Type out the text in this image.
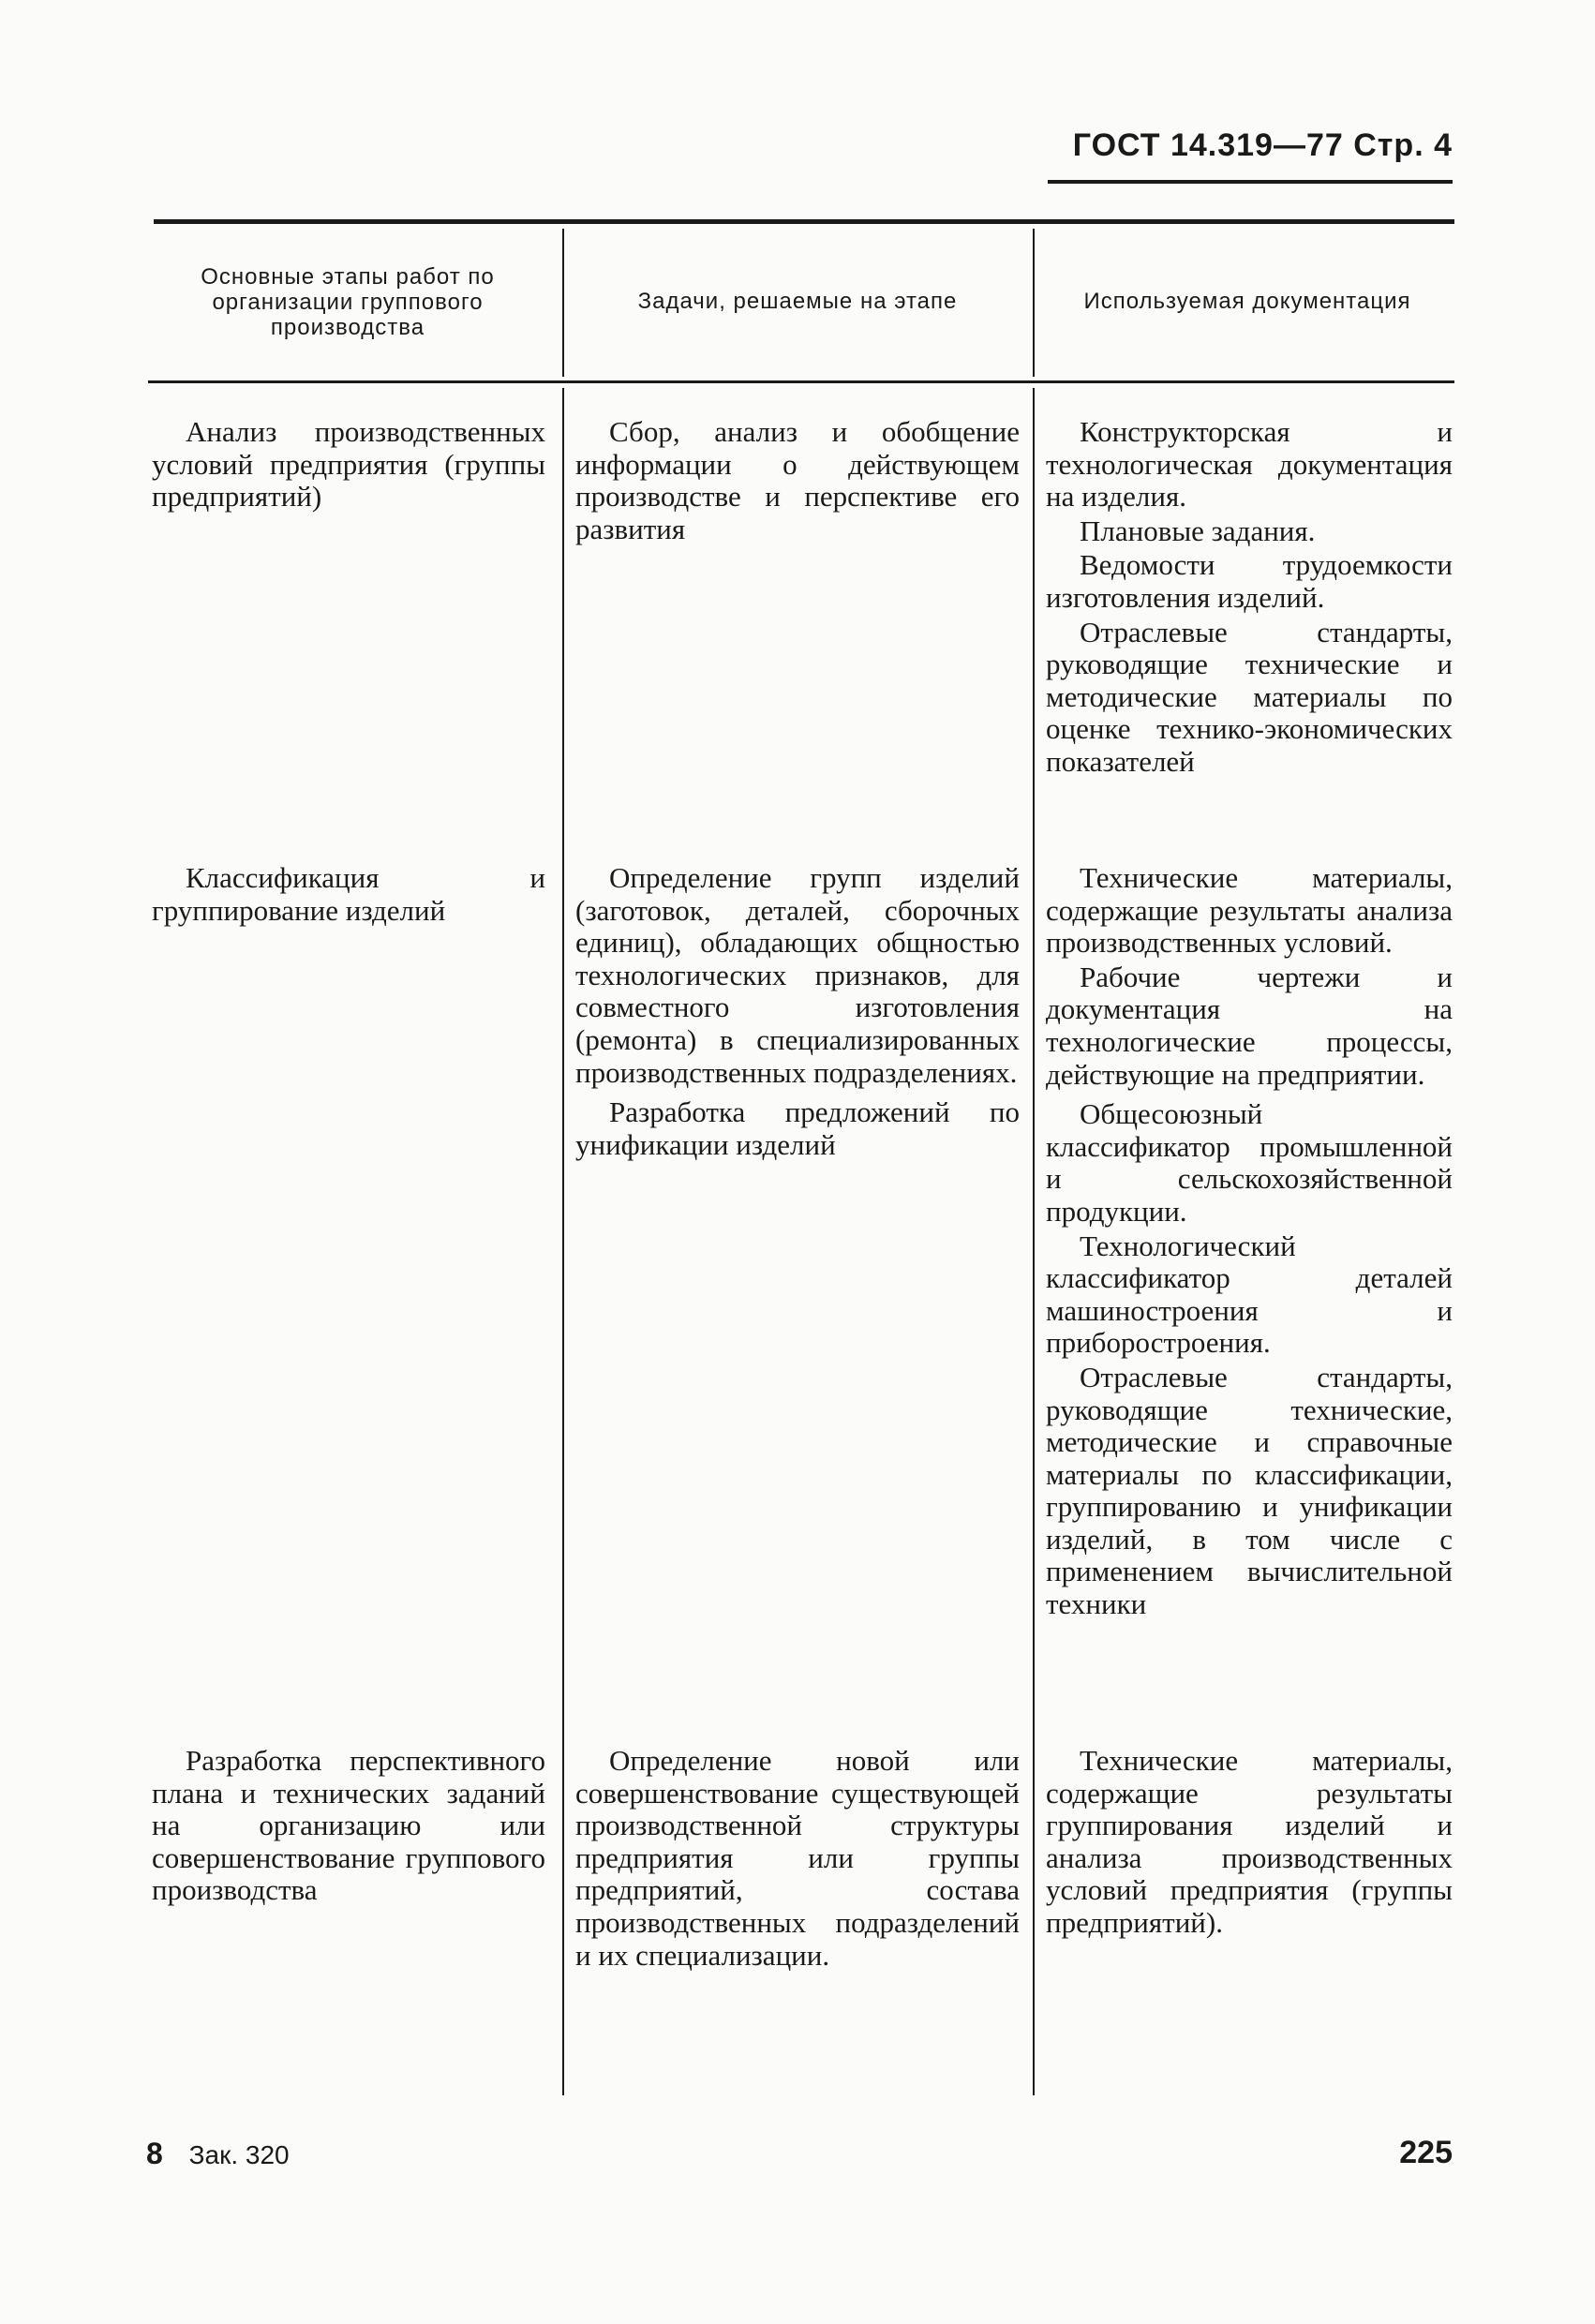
ГОСТ 14.319—77 Стр. 4
Основные этапы работ по организации группового производства
Задачи, решаемые на этапе	Используемая документация

Анализ производственных условий предприятия (группы предприятий)

Сбор, анализ и обобщение информации о действующем производстве и перспективе его развития

Конструкторская и технологическая документация на изделия.

Плановые задания.

Ведомости трудоемкости изготовления изделий.

Отраслевые стандарты, руководящие технические и методические материалы по оценке технико-экономических показателей

Классификация и группирование изделий

Определение групп изделий (заготовок, деталей, сборочных единиц), обладающих общностью технологических признаков, для совместного изготовления (ремонта) в специализированных производственных подразделениях.

Разработка предложений по унификации изделий

Технические материалы, содержащие результаты анализа производственных условий.

Рабочие чертежи и документация на технологические процессы, действующие на предприятии.

Общесоюзный классификатор промышленной и сельскохозяйственной продукции.

Технологический классификатор деталей машиностроения и приборостроения.

Отраслевые стандарты, руководящие технические, методические и справочные материалы по классификации, группированию и унификации изделий, в том числе с применением вычислительной техники

Разработка перспективного плана и технических заданий на организацию или совершенствование группового производства

Определение новой или совершенствование существующей производственной структуры предприятия или группы предприятий, состава производственных подразделений и их специализации.

Технические материалы, содержащие результаты группирования изделий и анализа производственных условий предприятия (группы предприятий).

8 Зак. 320	225
